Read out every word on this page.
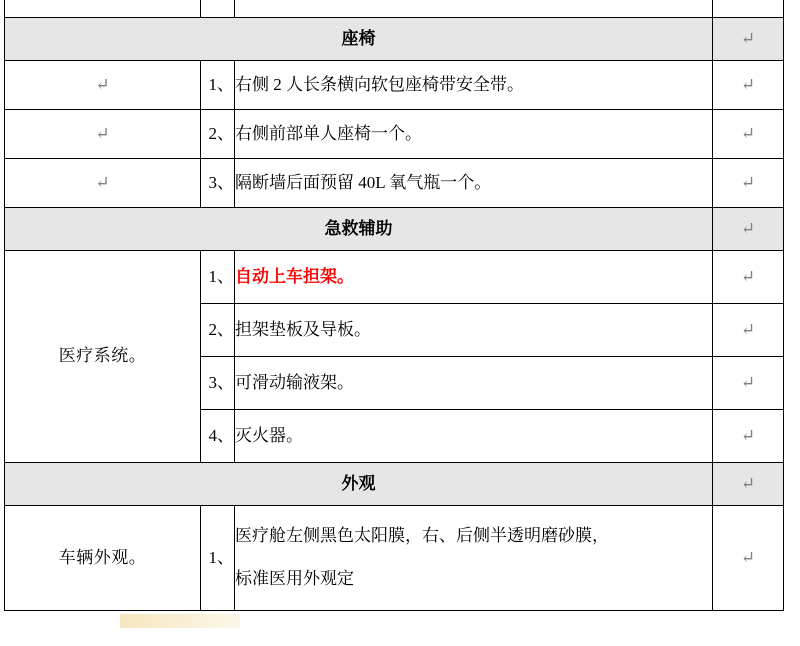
座椅			↵
↵	1、	右侧 2 人长条横向软包座椅带安全带。	↵
↵	2、	右侧前部单人座椅一个。	↵
↵	3、	隔断墙后面预留 40L 氧气瓶一个。	↵
急救辅助			↵
医疗系统。	1、	自动上车担架。	↵
	2、	担架垫板及导板。	↵
	3、	可滑动输液架。	↵
	4、	灭火器。	↵
外观			↵
车辆外观。	1、	医疗舱左侧黑色太阳膜，右、后侧半透明磨砂膜，
标准医用外观定	↵
